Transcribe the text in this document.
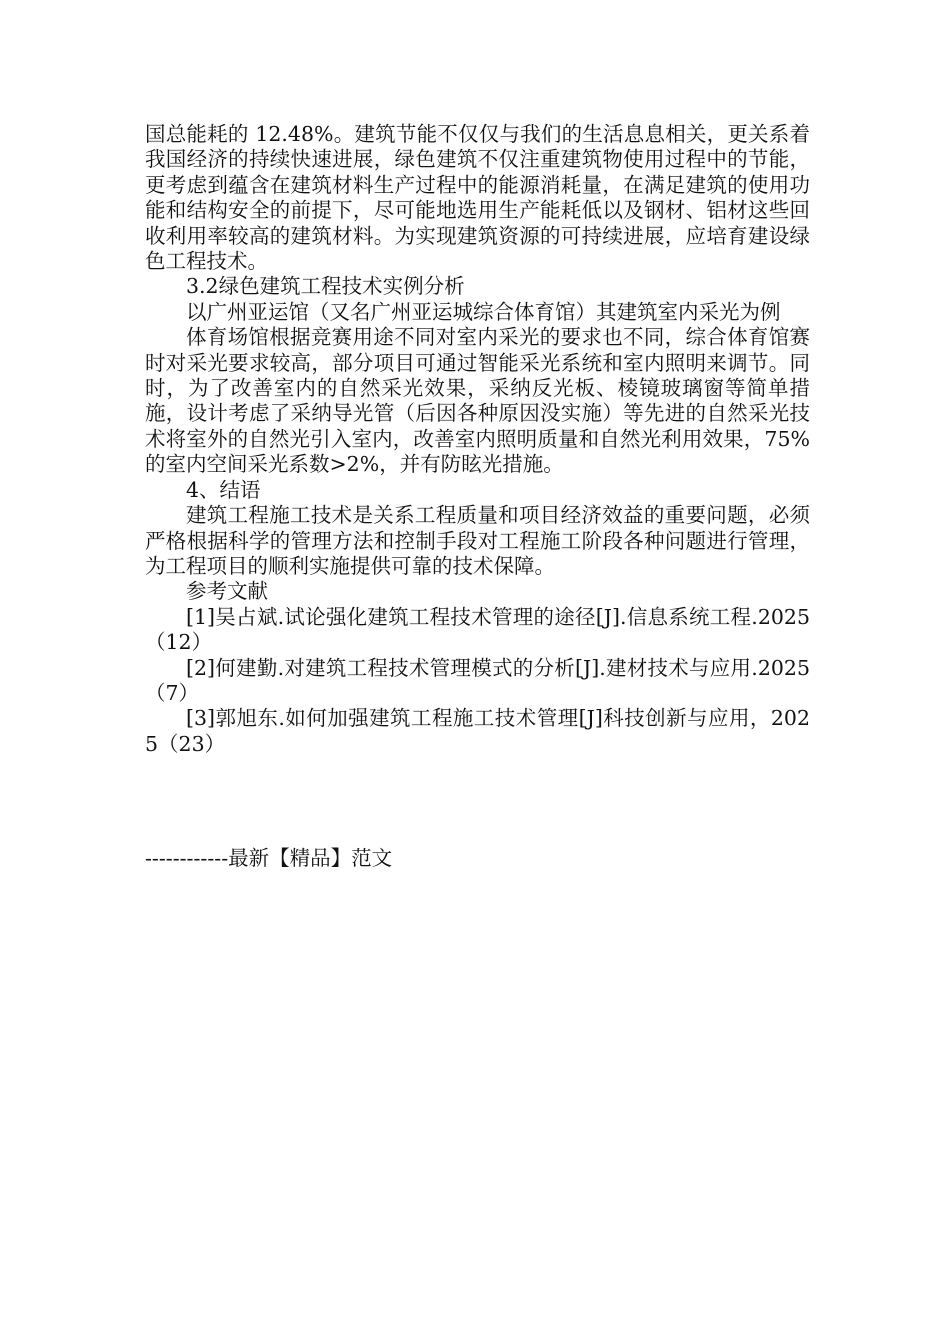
国总能耗的 12.48%。建筑节能不仅仅与我们的生活息息相关，更关系着我国经济的持续快速进展，绿色建筑不仅注重建筑物使用过程中的节能，更考虑到蕴含在建筑材料生产过程中的能源消耗量，在满足建筑的使用功能和结构安全的前提下，尽可能地选用生产能耗低以及钢材、铝材这些回收利用率较高的建筑材料。为实现建筑资源的可持续进展，应培育建设绿色工程技术。

3.2绿色建筑工程技术实例分析

以广州亚运馆（又名广州亚运城综合体育馆）其建筑室内采光为例

体育场馆根据竞赛用途不同对室内采光的要求也不同，综合体育馆赛时对采光要求较高，部分项目可通过智能采光系统和室内照明来调节。同时，为了改善室内的自然采光效果，采纳反光板、棱镜玻璃窗等简单措施，设计考虑了采纳导光管（后因各种原因没实施）等先进的自然采光技术将室外的自然光引入室内，改善室内照明质量和自然光利用效果，75%的室内空间采光系数>2%，并有防眩光措施。

4、结语

建筑工程施工技术是关系工程质量和项目经济效益的重要问题，必须严格根据科学的管理方法和控制手段对工程施工阶段各种问题进行管理，为工程项目的顺利实施提供可靠的技术保障。

参考文献

[1]吴占斌.试论强化建筑工程技术管理的途径[J].信息系统工程.2025（12）

[2]何建勤.对建筑工程技术管理模式的分析[J].建材技术与应用.2025（7）

[3]郭旭东.如何加强建筑工程施工技术管理[J]科技创新与应用，2025（23）

------------最新【精品】范文
